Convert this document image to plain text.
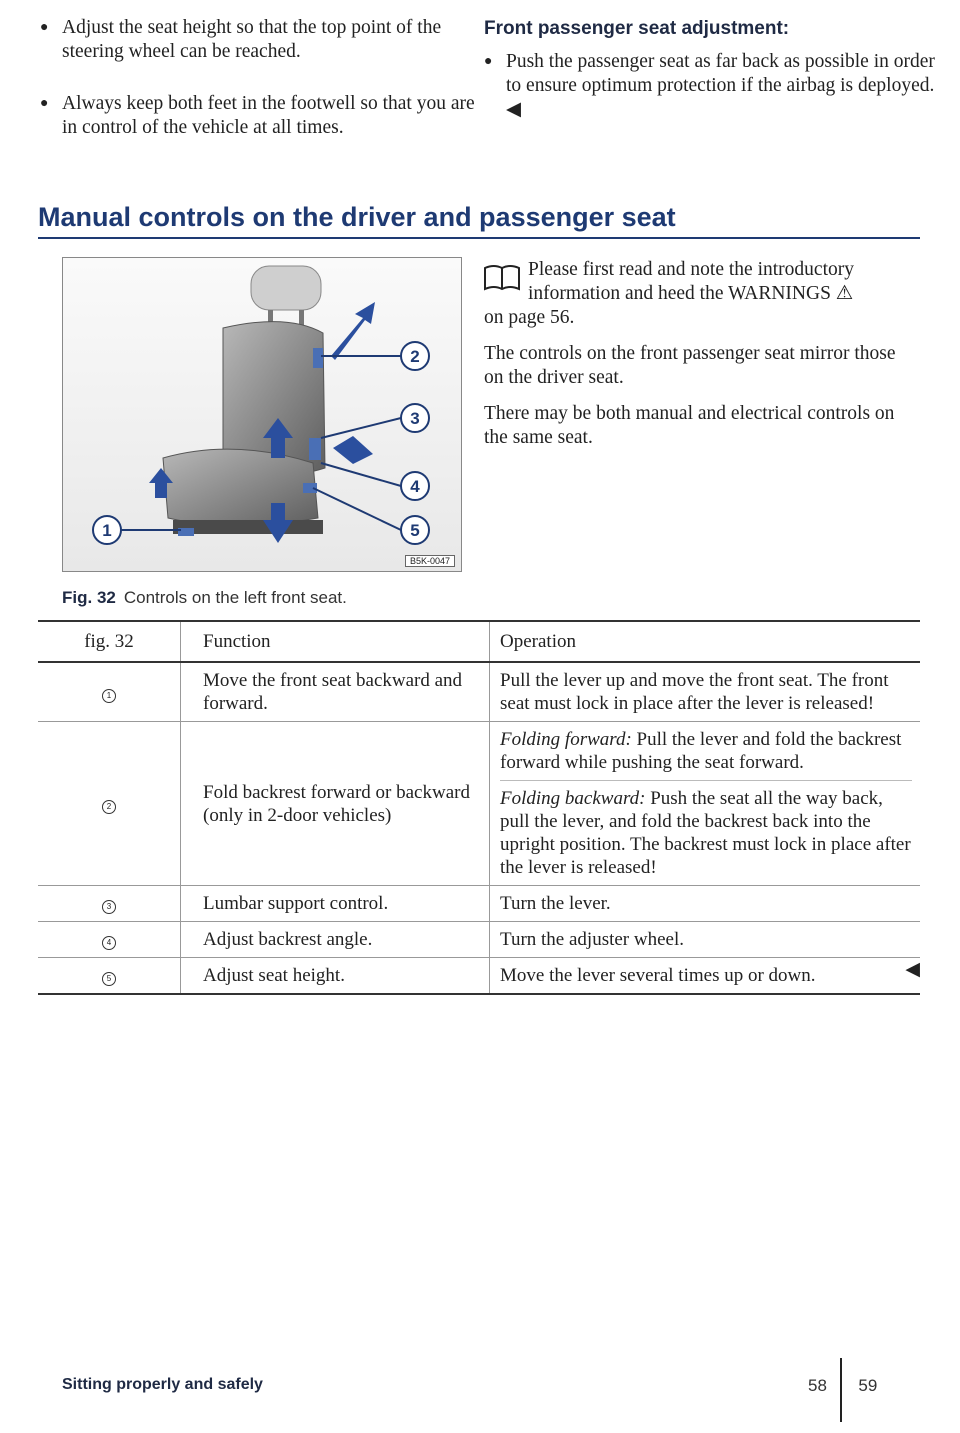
● Adjust the seat height so that the top point of the steering wheel can be reached.
● Always keep both feet in the footwell so that you are in control of the vehicle at all times.
Front passenger seat adjustment:
● Push the passenger seat as far back as possible in order to ensure optimum protection if the airbag is deployed. ◀
Manual controls on the driver and passenger seat
2
3
4
5
1
B5K-0047
Fig. 32 Controls on the left front seat.
Please first read and note the introductory
information and heed the WARNINGS ⚠
on page 56.
The controls on the front passenger seat mirror those on the driver seat.
There may be both manual and electrical controls on the same seat.
fig. 32	Function	Operation
1	Move the front seat backward and forward.	Pull the lever up and move the front seat. The front seat must lock in place after the lever is released!
2	Fold backrest forward or backward (only in 2-door vehicles)	Folding forward: Pull the lever and fold the backrest forward while pushing the seat forward.
Folding backward: Push the seat all the way back, pull the lever, and fold the backrest back into the upright position. The backrest must lock in place after the lever is released!

3	Lumbar support control.	Turn the lever.
4	Adjust backrest angle.	Turn the adjuster wheel.
5	Adjust seat height.	Move the lever several times up or down. ◀
Sitting properly and safely	58 59
